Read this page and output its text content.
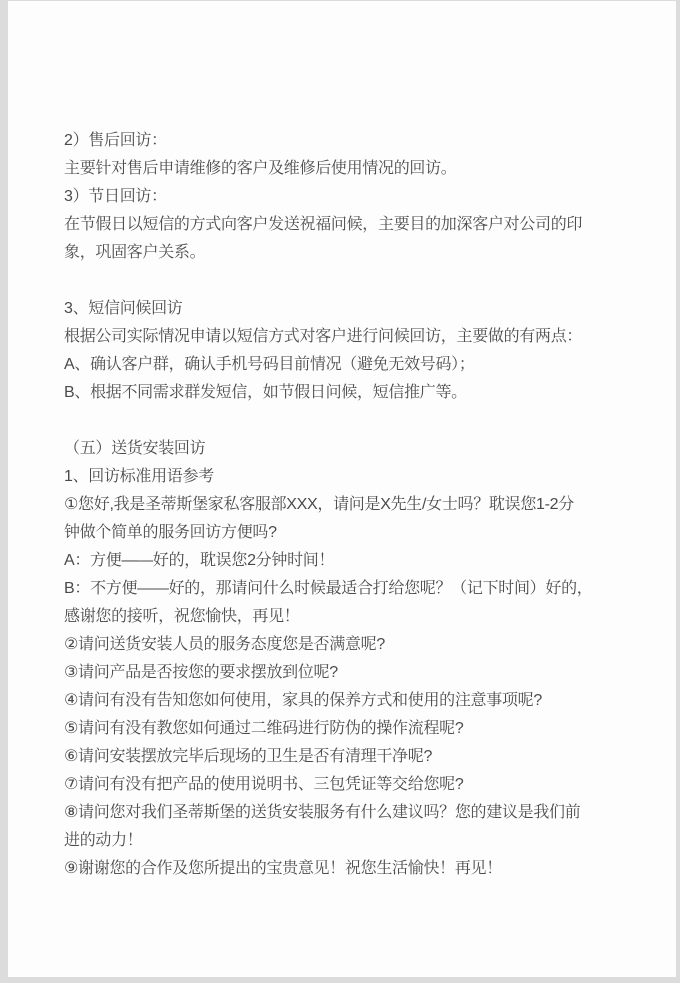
2）售后回访：
主要针对售后申请维修的客户及维修后使用情况的回访。
3）节日回访：
在节假日以短信的方式向客户发送祝福问候，主要目的加深客户对公司的印
象，巩固客户关系。
3、短信问候回访
根据公司实际情况申请以短信方式对客户进行问候回访，主要做的有两点：
A、确认客户群，确认手机号码目前情况（避免无效号码）；
B、根据不同需求群发短信，如节假日问候，短信推广等。
（五）送货安装回访
1、回访标准用语参考
①您好,我是圣蒂斯堡家私客服部XXX，请问是X先生/女士吗？耽误您1-2分
钟做个简单的服务回访方便吗?
A：方便——好的，耽误您2分钟时间！
B：不方便——好的，那请问什么时候最适合打给您呢？（记下时间）好的，
感谢您的接听，祝您愉快，再见！
②请问送货安装人员的服务态度您是否满意呢?
③请问产品是否按您的要求摆放到位呢?
④请问有没有告知您如何使用，家具的保养方式和使用的注意事项呢?
⑤请问有没有教您如何通过二维码进行防伪的操作流程呢?
⑥请问安装摆放完毕后现场的卫生是否有清理干净呢?
⑦请问有没有把产品的使用说明书、三包凭证等交给您呢?
⑧请问您对我们圣蒂斯堡的送货安装服务有什么建议吗？您的建议是我们前
进的动力！
⑨谢谢您的合作及您所提出的宝贵意见！祝您生活愉快！再见！
